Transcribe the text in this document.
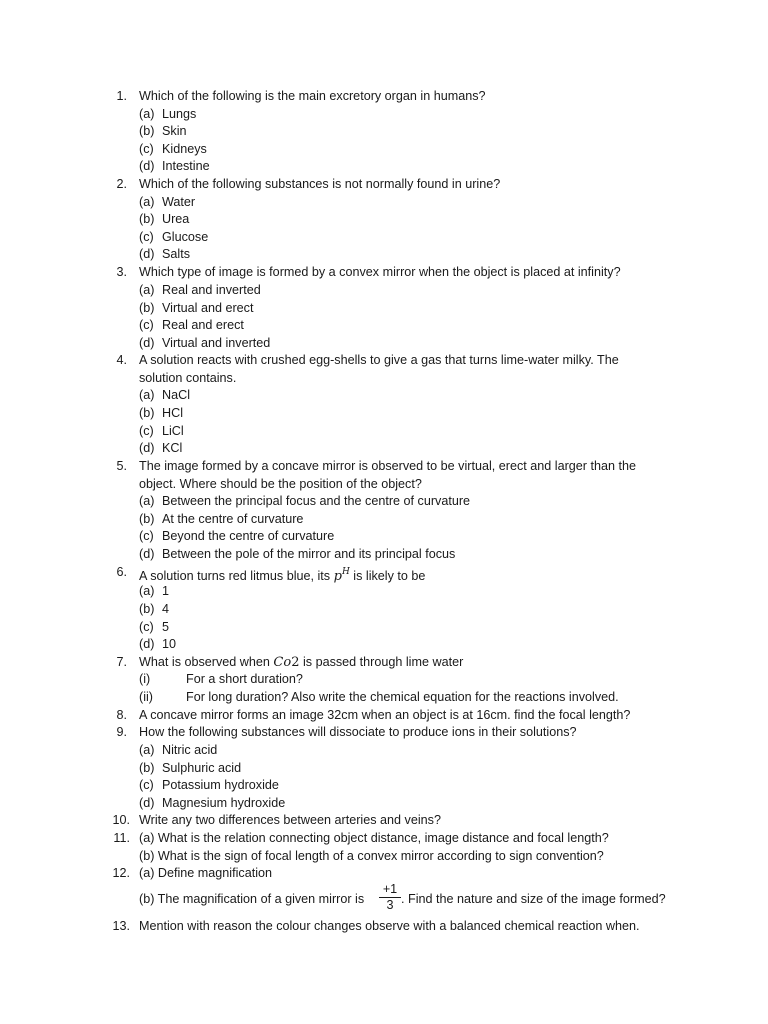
1. Which of the following is the main excretory organ in humans?
(a) Lungs
(b) Skin
(c) Kidneys
(d) Intestine
2. Which of the following substances is not normally found in urine?
(a) Water
(b) Urea
(c) Glucose
(d) Salts
3. Which type of image is formed by a convex mirror when the object is placed at infinity?
(a) Real and inverted
(b) Virtual and erect
(c) Real and erect
(d) Virtual and inverted
4. A solution reacts with crushed egg-shells to give a gas that turns lime-water milky. The
solution contains.
(a) NaCl
(b) HCl
(c) LiCl
(d) KCl
5. The image formed by a concave mirror is observed to be virtual, erect and larger than the
object. Where should be the position of the object?
(a) Between the principal focus and the centre of curvature
(b) At the centre of curvature
(c) Beyond the centre of curvature
(d) Between the pole of the mirror and its principal focus
6. A solution turns red litmus blue, its $p^H$ is likely to be
(a) 1
(b) 4
(c) 5
(d) 10
7. What is observed when Co2 is passed through lime water
(i)	For a short duration?
(ii)	For long duration? Also write the chemical equation for the reactions involved.
8. A concave mirror forms an image 32cm when an object is at 16cm. find the focal length?
9. How the following substances will dissociate to produce ions in their solutions?
(a) Nitric acid
(b) Sulphuric acid
(c) Potassium hydroxide
(d) Magnesium hydroxide
10. Write any two differences between arteries and veins?
11. (a) What is the relation connecting object distance, image distance and focal length?
(b) What is the sign of focal length of a convex mirror according to sign convention?
12. (a) Define magnification
(b) The magnification of a given mirror is $\frac{+1}{3}$ . Find the nature and size of the image formed?
13. Mention with reason the colour changes observe with a balanced chemical reaction when.
